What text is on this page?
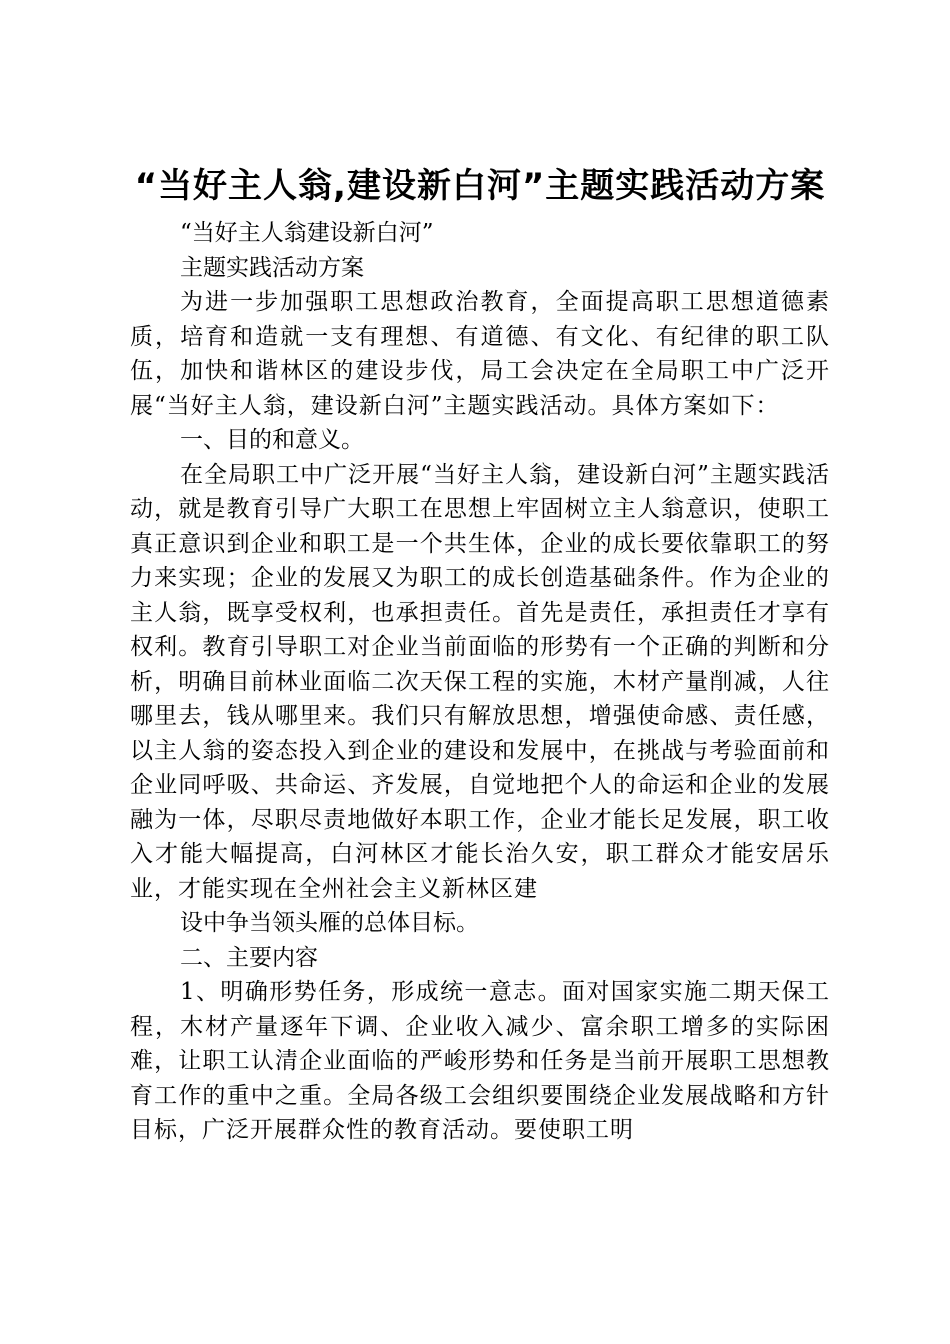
“当好主人翁,建设新白河”主题实践活动方案

“当好主人翁建设新白河”

主题实践活动方案

为进一步加强职工思想政治教育，全面提高职工思想道德素质，培育和造就一支有理想、有道德、有文化、有纪律的职工队伍，加快和谐林区的建设步伐，局工会决定在全局职工中广泛开展“当好主人翁，建设新白河”主题实践活动。具体方案如下：

一、目的和意义。

在全局职工中广泛开展“当好主人翁，建设新白河”主题实践活动，就是教育引导广大职工在思想上牢固树立主人翁意识，使职工真正意识到企业和职工是一个共生体，企业的成长要依靠职工的努力来实现；企业的发展又为职工的成长创造基础条件。作为企业的主人翁，既享受权利，也承担责任。首先是责任，承担责任才享有权利。教育引导职工对企业当前面临的形势有一个正确的判断和分析，明确目前林业面临二次天保工程的实施，木材产量削减，人往哪里去，钱从哪里来。我们只有解放思想，增强使命感、责任感，以主人翁的姿态投入到企业的建设和发展中，在挑战与考验面前和企业同呼吸、共命运、齐发展，自觉地把个人的命运和企业的发展融为一体，尽职尽责地做好本职工作，企业才能长足发展，职工收入才能大幅提高，白河林区才能长治久安，职工群众才能安居乐业，才能实现在全州社会主义新林区建

设中争当领头雁的总体目标。

二、主要内容

1、明确形势任务，形成统一意志。面对国家实施二期天保工程，木材产量逐年下调、企业收入减少、富余职工增多的实际困难，让职工认清企业面临的严峻形势和任务是当前开展职工思想教育工作的重中之重。全局各级工会组织要围绕企业发展战略和方针目标，广泛开展群众性的教育活动。要使职工明
